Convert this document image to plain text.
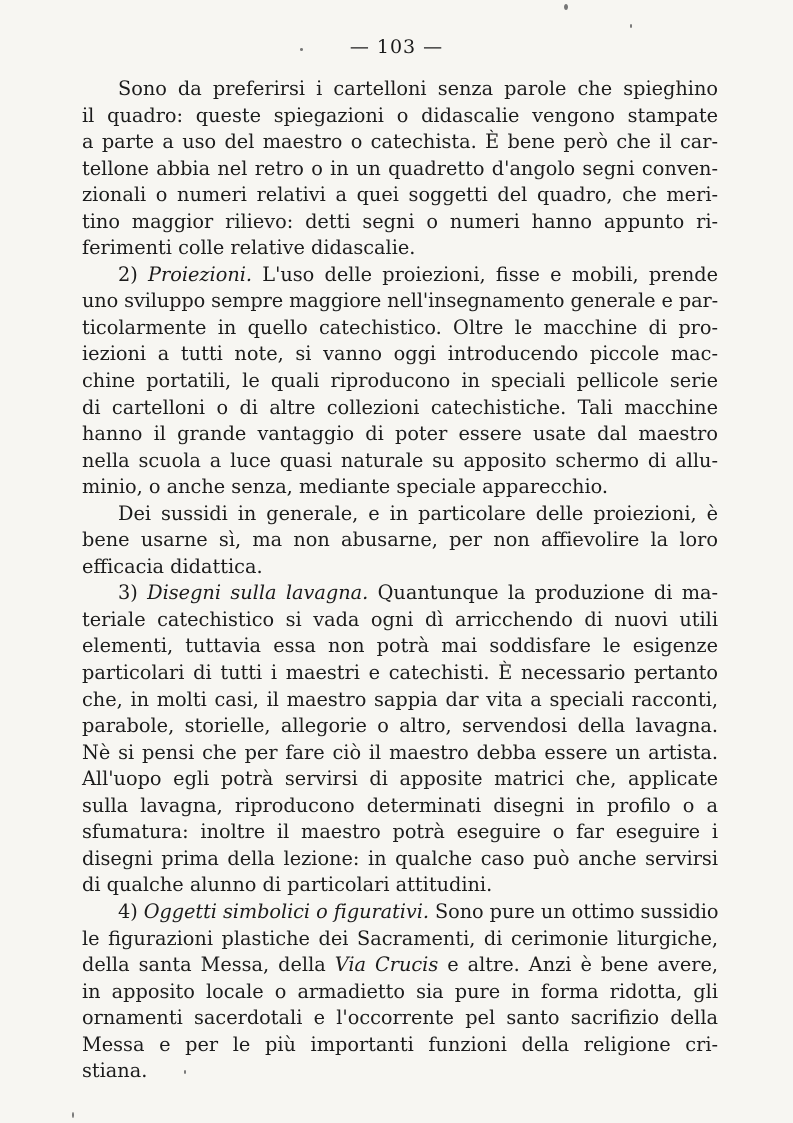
— 103 —
Sono da preferirsi i cartelloni senza parole che spieghino
il quadro: queste spiegazioni o didascalie vengono stampate
a parte a uso del maestro o catechista. È bene però che il car-
tellone abbia nel retro o in un quadretto d'angolo segni conven-
zionali o numeri relativi a quei soggetti del quadro, che meri-
tino maggior rilievo: detti segni o numeri hanno appunto ri-
ferimenti colle relative didascalie.
2) Proiezioni. L'uso delle proiezioni, fisse e mobili, prende
uno sviluppo sempre maggiore nell'insegnamento generale e par-
ticolarmente in quello catechistico. Oltre le macchine di pro-
iezioni a tutti note, si vanno oggi introducendo piccole mac-
chine portatili, le quali riproducono in speciali pellicole serie
di cartelloni o di altre collezioni catechistiche. Tali macchine
hanno il grande vantaggio di poter essere usate dal maestro
nella scuola a luce quasi naturale su apposito schermo di allu-
minio, o anche senza, mediante speciale apparecchio.
Dei sussidi in generale, e in particolare delle proiezioni, è
bene usarne sì, ma non abusarne, per non affievolire la loro
efficacia didattica.
3) Disegni sulla lavagna. Quantunque la produzione di ma-
teriale catechistico si vada ogni dì arricchendo di nuovi utili
elementi, tuttavia essa non potrà mai soddisfare le esigenze
particolari di tutti i maestri e catechisti. È necessario pertanto
che, in molti casi, il maestro sappia dar vita a speciali racconti,
parabole, storielle, allegorie o altro, servendosi della lavagna.
Nè si pensi che per fare ciò il maestro debba essere un artista.
All'uopo egli potrà servirsi di apposite matrici che, applicate
sulla lavagna, riproducono determinati disegni in profilo o a
sfumatura: inoltre il maestro potrà eseguire o far eseguire i
disegni prima della lezione: in qualche caso può anche servirsi
di qualche alunno di particolari attitudini.
4) Oggetti simbolici o figurativi. Sono pure un ottimo sussidio
le figurazioni plastiche dei Sacramenti, di cerimonie liturgiche,
della santa Messa, della Via Crucis e altre. Anzi è bene avere,
in apposito locale o armadietto sia pure in forma ridotta, gli
ornamenti sacerdotali e l'occorrente pel santo sacrifizio della
Messa e per le più importanti funzioni della religione cri-
stiana.
